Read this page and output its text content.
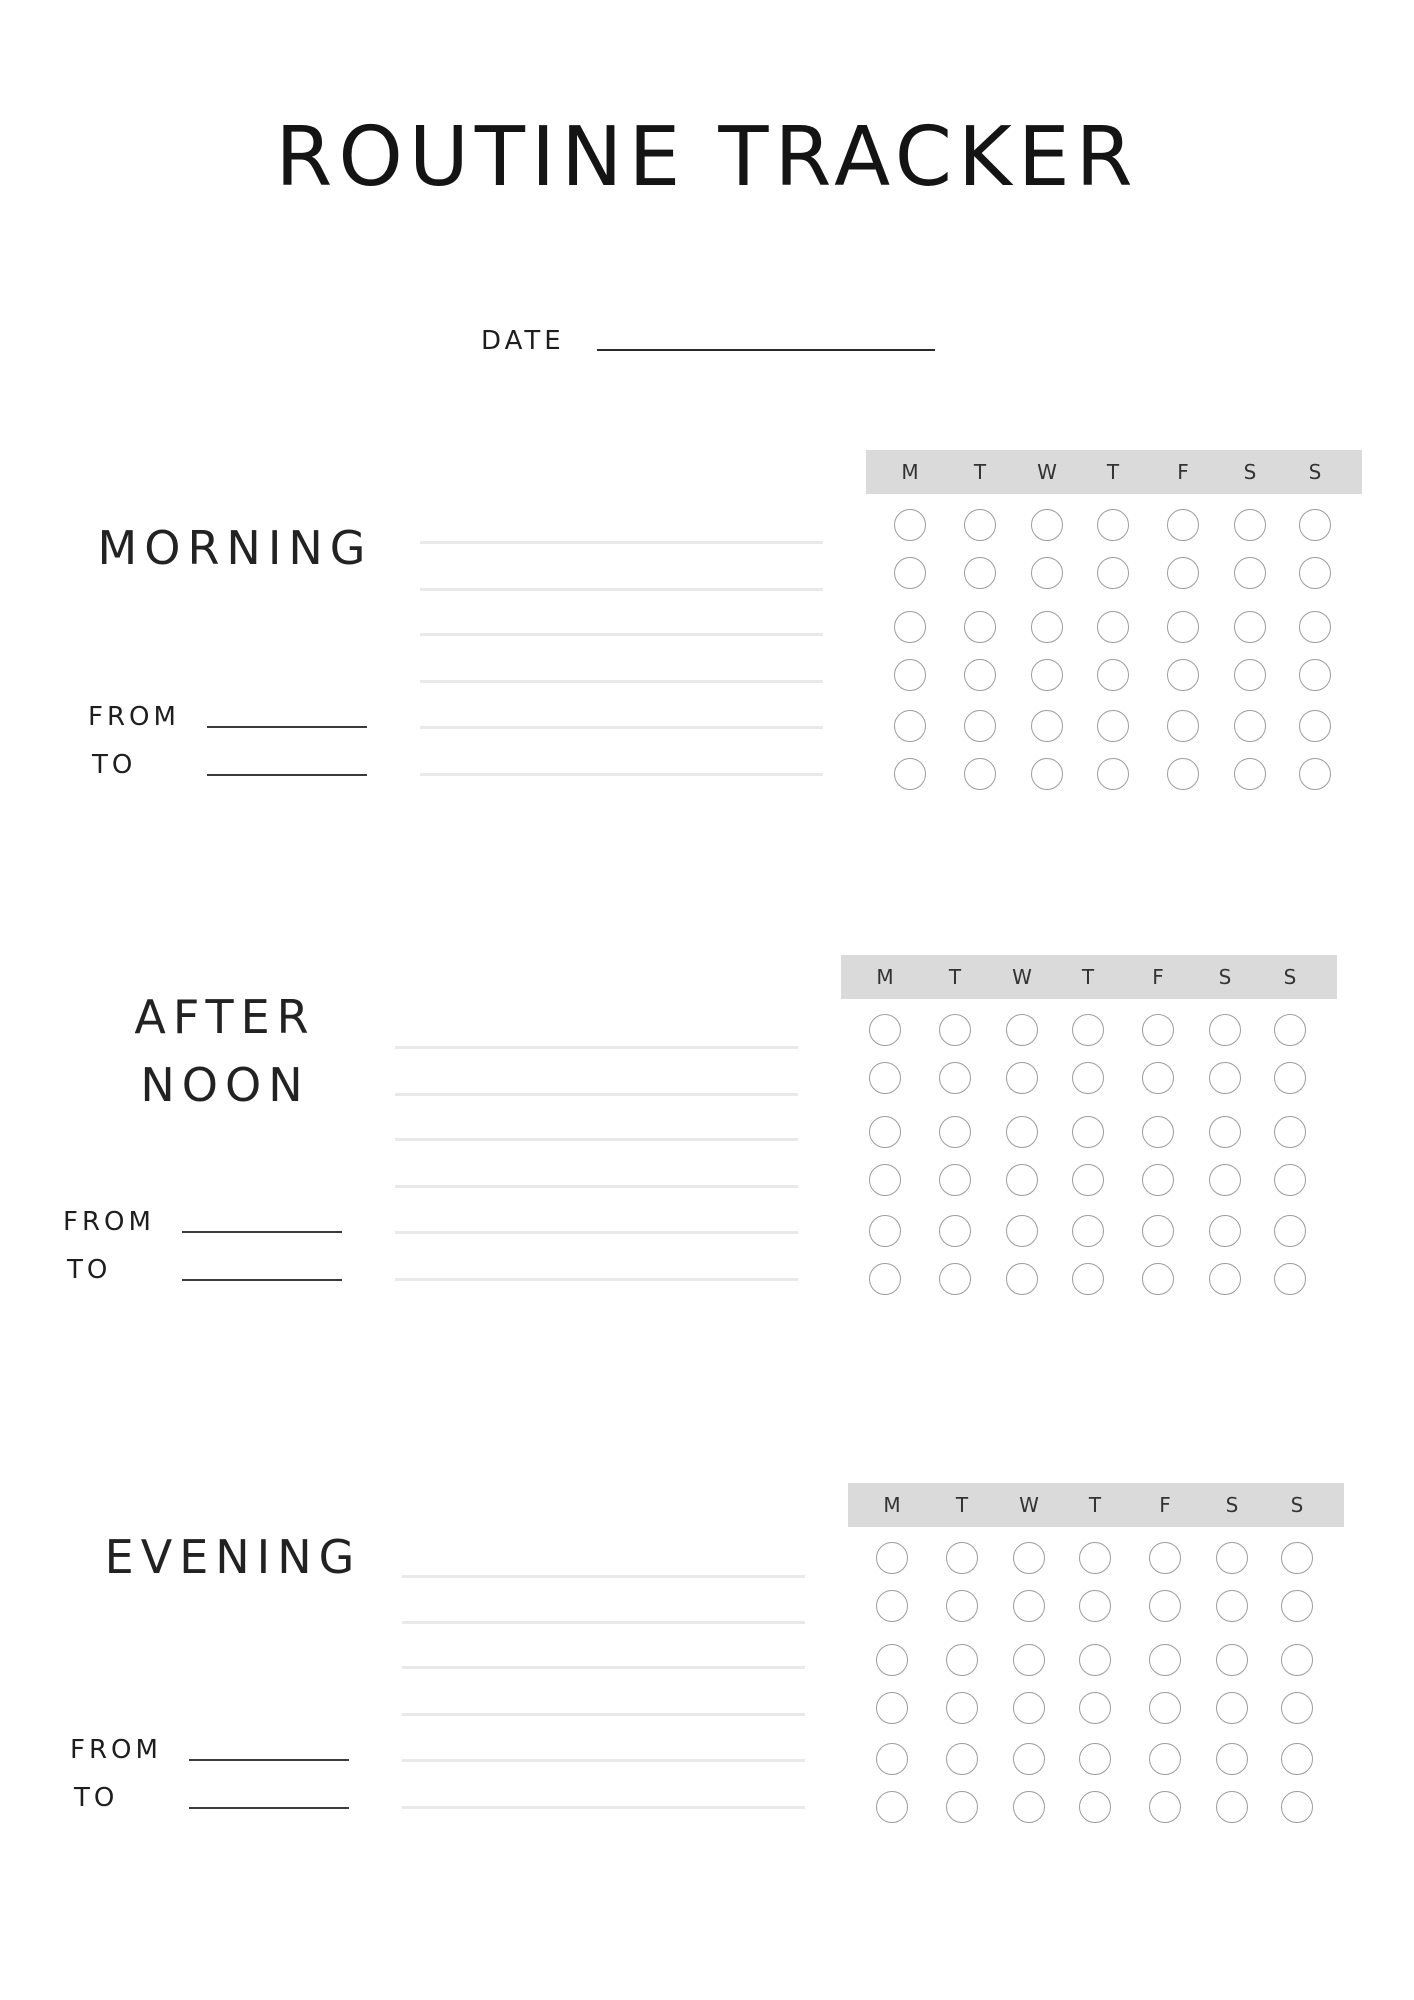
ROUTINE TRACKER
DATE
MORNING
FROM
TO
M	T	W	T	F	S	S
AFTER
NOON
FROM
TO
M	T	W	T	F	S	S
EVENING
FROM
TO
M	T	W	T	F	S	S
